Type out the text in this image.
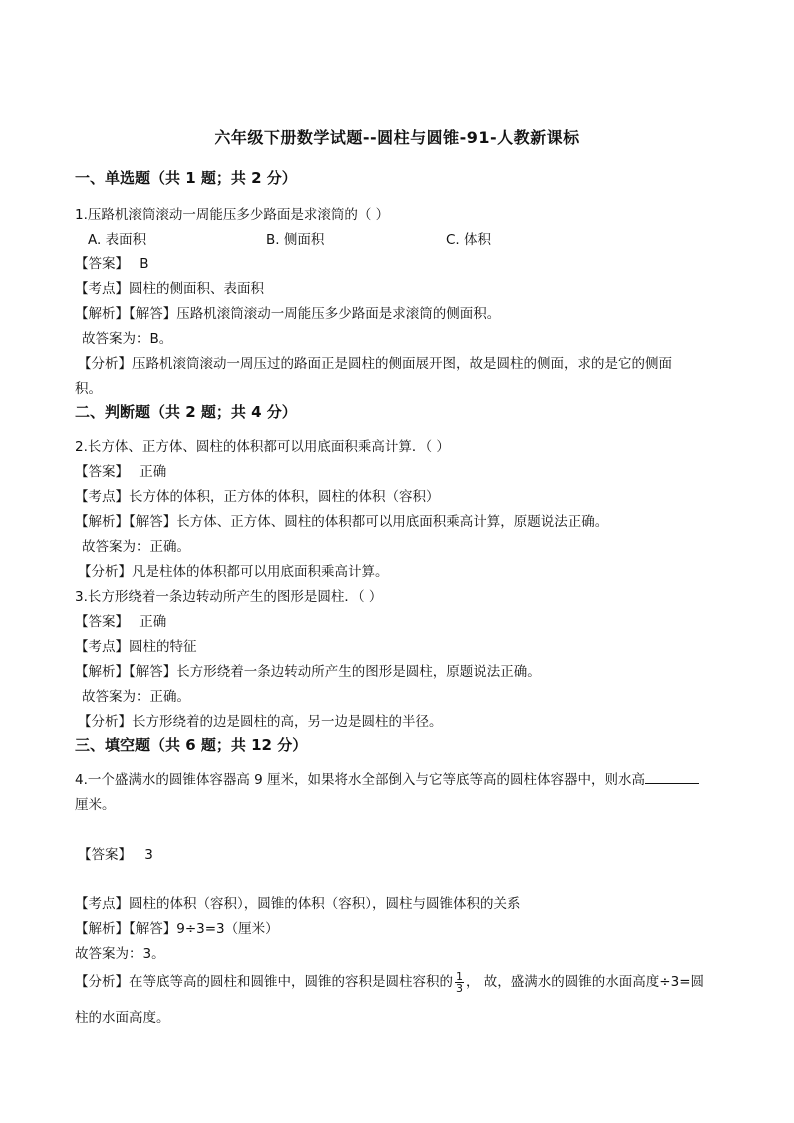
六年级下册数学试题--圆柱与圆锥-91-人教新课标
一、单选题（共 1 题；共 2 分）
1.压路机滚筒滚动一周能压多少路面是求滚筒的（ ）
A. 表面积	B. 侧面积	C. 体积
【答案】 B
【考点】圆柱的侧面积、表面积
【解析】【解答】压路机滚筒滚动一周能压多少路面是求滚筒的侧面积。
故答案为：B。
【分析】压路机滚筒滚动一周压过的路面正是圆柱的侧面展开图，故是圆柱的侧面，求的是它的侧面
积。
二、判断题（共 2 题；共 4 分）
2.长方体、正方体、圆柱的体积都可以用底面积乘高计算．（ ）
【答案】 正确
【考点】长方体的体积，正方体的体积，圆柱的体积（容积）
【解析】【解答】长方体、正方体、圆柱的体积都可以用底面积乘高计算，原题说法正确。
故答案为：正确。
【分析】凡是柱体的体积都可以用底面积乘高计算。
3.长方形绕着一条边转动所产生的图形是圆柱．（ ）
【答案】 正确
【考点】圆柱的特征
【解析】【解答】长方形绕着一条边转动所产生的图形是圆柱，原题说法正确。
故答案为：正确。
【分析】长方形绕着的边是圆柱的高，另一边是圆柱的半径。
三、填空题（共 6 题；共 12 分）
4.一个盛满水的圆锥体容器高 9 厘米，如果将水全部倒入与它等底等高的圆柱体容器中，则水高
厘米。
【答案】 3
【考点】圆柱的体积（容积），圆锥的体积（容积），圆柱与圆锥体积的关系
【解析】【解答】9÷3=3（厘米）
故答案为：3。
【分析】在等底等高的圆柱和圆锥中，圆锥的容积是圆柱容积的 $\frac{1}{3}$ ， 故，盛满水的圆锥的水面高度÷3=圆
柱的水面高度。
